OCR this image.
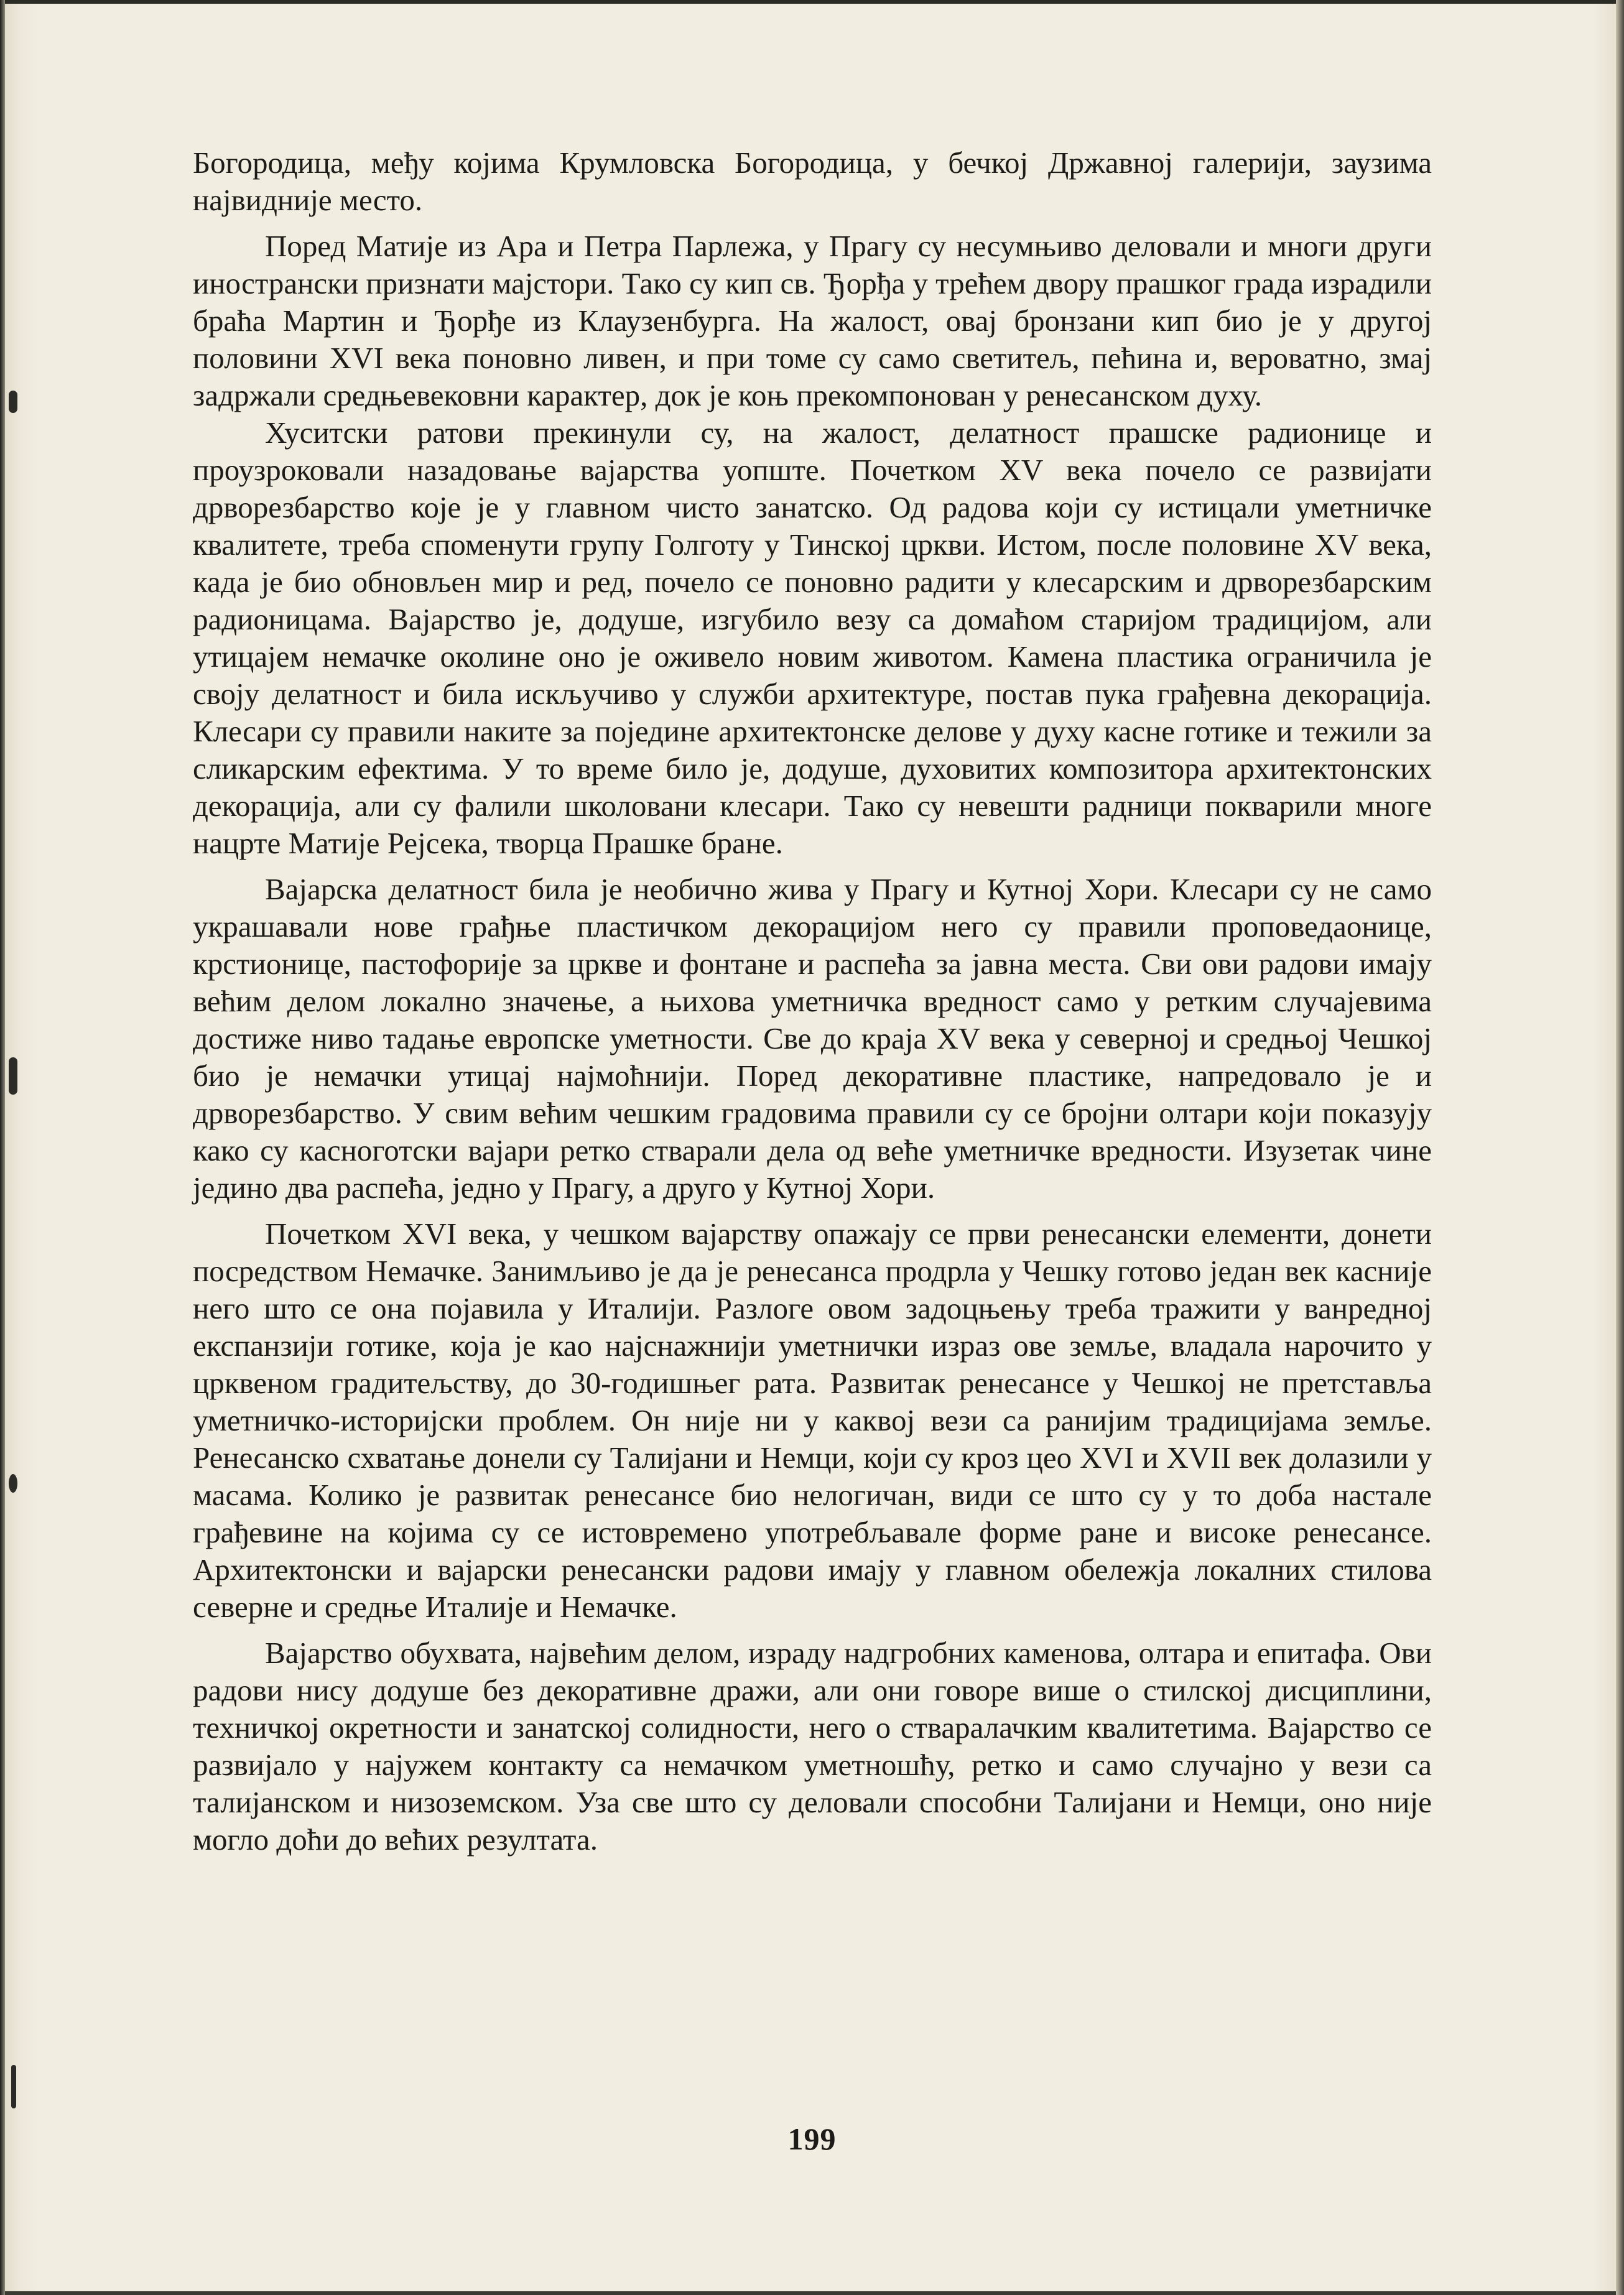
Богородица, међу којима Крумловска Богородица, у бечкој Државној галерији, заузима највидније место.

Поред Матије из Ара и Петра Парлежа, у Прагу су несумњиво деловали и многи други инострански признати мајстори. Тако су кип св. Ђорђа у трећем двору прашког града израдили браћа Мартин и Ђорђе из Клаузенбурга. На жалост, овај бронзани кип био је у другој половини XVI века поновно ливен, и при томе су само светитељ, пећина и, вероватно, змај задржали средњевековни карактер, док је коњ прекомпонован у ренесанском духу.

Хуситски ратови прекинули су, на жалост, делатност прашске радионице и проузроковали назадовање вајарства уопште. Почетком XV века почело се развијати дрворезбарство које је у главном чисто занатско. Од радова који су истицали уметничке квалитете, треба споменути групу Голготу у Тинској цркви. Истом, после половине XV века, када је био обновљен мир и ред, почело се поновно радити у клесарским и дрворезбарским радионицама. Вајарство је, додуше, изгубило везу са домаћом старијом традицијом, али утицајем немачке околине оно је оживело новим животом. Камена пластика ограничила је своју делатност и била искључиво у служби архитектуре, постав пука грађевна декорација. Клесари су правили наките за поједине архитектонске делове у духу касне готике и тежили за сликарским ефектима. У то време било је, додуше, духовитих композитора архитектонских декорација, али су фалили школовани клесари. Тако су невешти радници покварили многе нацрте Матије Рејсека, творца Прашке бране.

Вајарска делатност била је необично жива у Прагу и Кутној Хори. Клесари су не само украшавали нове грађње пластичком декорацијом него су правили проповедаонице, крстионице, пастофорије за цркве и фонтане и распећа за јавна места. Сви ови радови имају већим делом локално значење, а њихова уметничка вредност само у ретким случајевима достиже ниво тадање европске уметности. Све до краја XV века у северној и средњој Чешкој био је немачки утицај најмоћнији. Поред декоративне пластике, напредовало је и дрворезбарство. У свим већим чешким градовима правили су се бројни олтари који показују како су касноготски вајари ретко стварали дела од веће уметничке вредности. Изузетак чине једино два распећа, једно у Прагу, а друго у Кутној Хори.

Почетком XVI века, у чешком вајарству опажају се први ренесански елементи, донети посредством Немачке. Занимљиво је да је ренесанса продрла у Чешку готово један век касније него што се она појавила у Италији. Разлоге овом задоцњењу треба тражити у ванредној експанзији готике, која је као најснажнији уметнички израз ове земље, владала нарочито у црквеном градитељству, до 30-годишњег рата. Развитак ренесансе у Чешкој не претставља уметничко-историјски проблем. Он није ни у каквој вези са ранијим традицијама земље. Ренесанско схватање донели су Талијани и Немци, који су кроз цео XVI и XVII век долазили у масама. Колико је развитак ренесансе био нелогичан, види се што су у то доба настале грађевине на којима су се истовремено употребљавале форме ране и високе ренесансе. Архитектонски и вајарски ренесански радови имају у главном обележја локалних стилова северне и средње Италије и Немачке.

Вајарство обухвата, највећим делом, израду надгробних каменова, олтара и епитафа. Ови радови нису додуше без декоративне дражи, али они говоре више о стилској дисциплини, техничкој окретности и занатској солидности, него о стваралачким квалитетима. Вајарство се развијало у најужем контакту са немачком уметношћу, ретко и само случајно у вези са талијанском и низоземском. Уза све што су деловали способни Талијани и Немци, оно није могло доћи до већих резултата.

199
